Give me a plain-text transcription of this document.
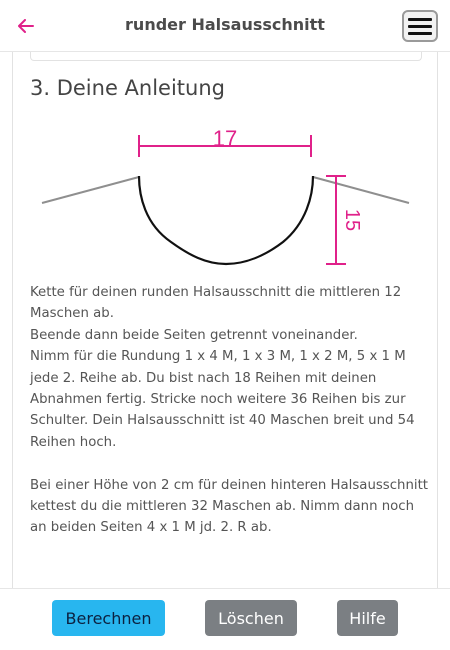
runder Halsausschnitt
3. Deine Anleitung
17
15

Kette für deinen runden Halsausschnitt die mittleren 12 Maschen ab.

Beende dann beide Seiten getrennt voneinander.

Nimm für die Rundung 1 x 4 M, 1 x 3 M, 1 x 2 M, 5 x 1 M jede 2. Reihe ab. Du bist nach 18 Reihen mit deinen Abnahmen fertig. Stricke noch weitere 36 Reihen bis zur Schulter. Dein Halsausschnitt ist 40 Maschen breit und 54 Reihen hoch.

Bei einer Höhe von 2 cm für deinen hinteren Halsausschnitt kettest du die mittleren 32 Maschen ab. Nimm dann noch an beiden Seiten 4 x 1 M jd. 2. R ab.

Berechnen	Löschen	Hilfe
